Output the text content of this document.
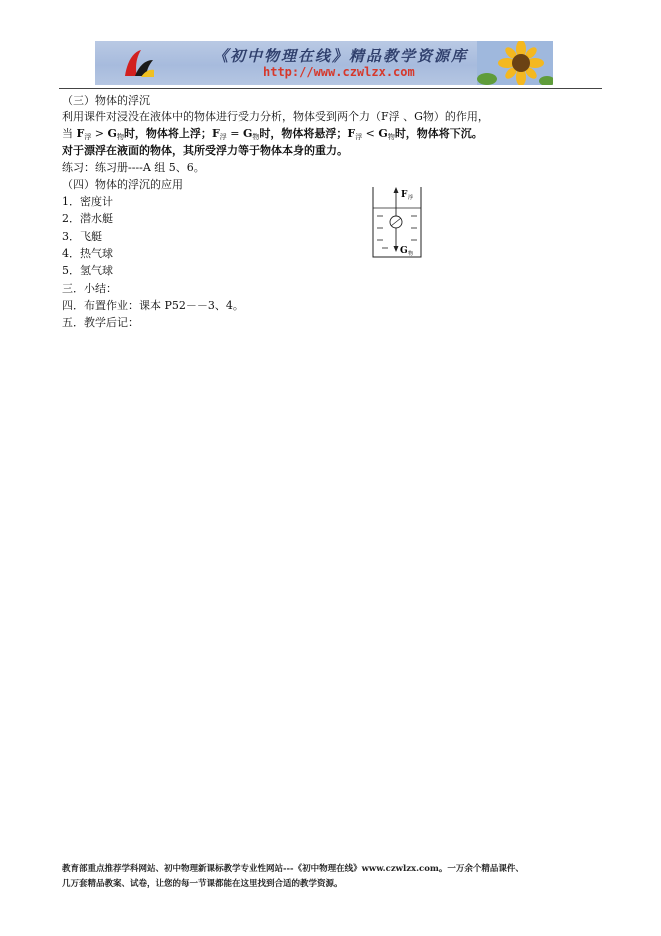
《初中物理在线》精品教学资源库
http://www.czwlzx.com
（三）物体的浮沉
利用课件对浸没在液体中的物体进行受力分析，物体受到两个力（F浮 、G物）的作用，
当 $F_浮 > G_物$时，物体将上浮；$F_浮 = G_物$时，物体将悬浮；$F_浮 < G_物$时，物体将下沉。
对于漂浮在液面的物体，其所受浮力等于物体本身的重力。
练习：练习册----A 组 5、6。
（四）物体的浮沉的应用
1．密度计
2．潜水艇
3．飞艇
4．热气球
5．氢气球
三．小结：
四．布置作业：课本 P52－－3、4。
五．教学后记：
F 浮
G 物
教育部重点推荐学科网站、初中物理新课标教学专业性网站---《初中物理在线》www.czwlzx.com。一万余个精品课件、
几万套精品教案、试卷，让您的每一节课都能在这里找到合适的教学资源。
